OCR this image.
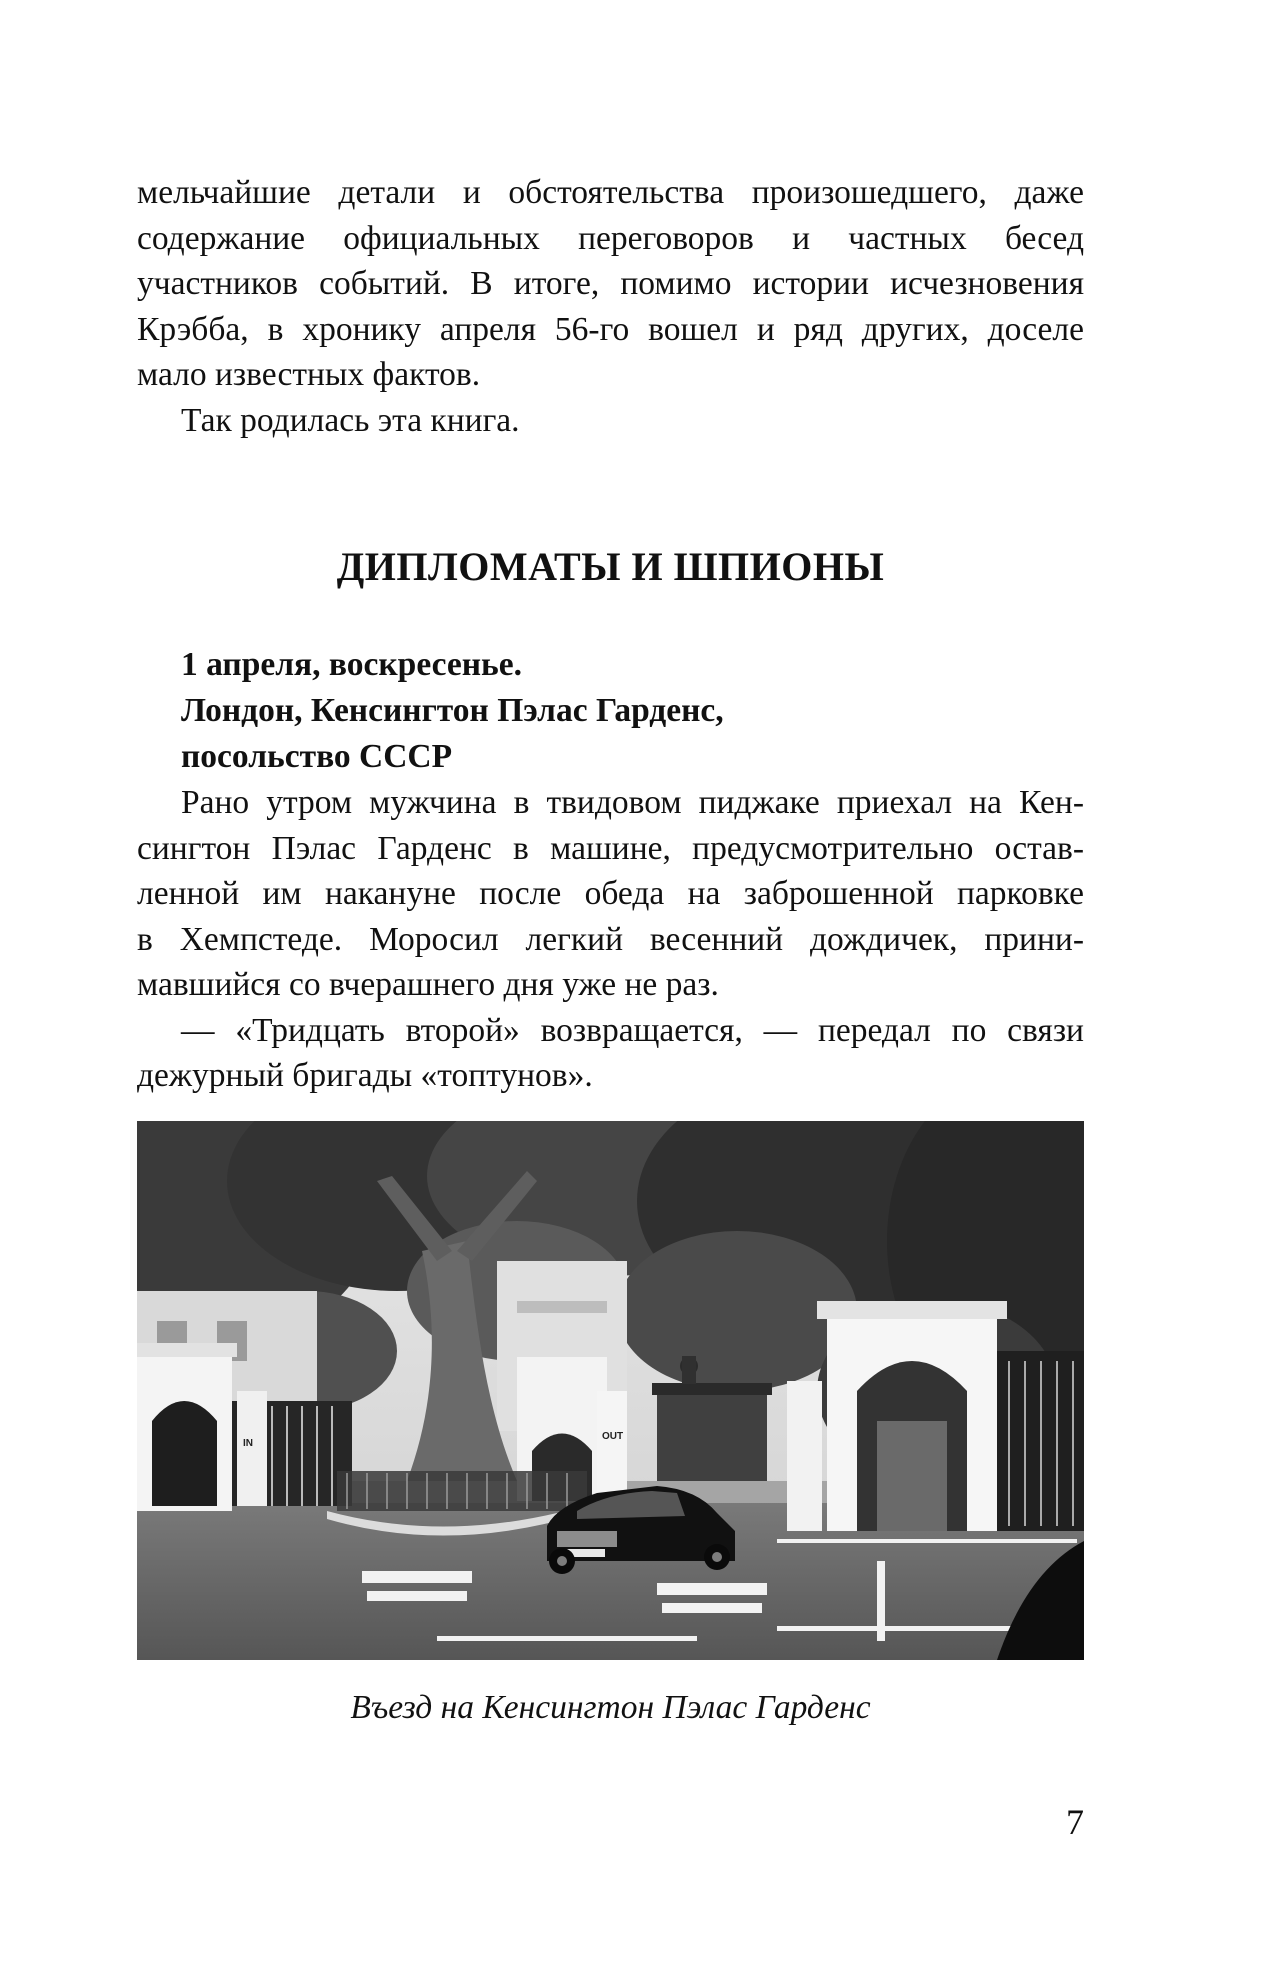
мельчайшие детали и обстоятельства произошедшего, даже

содержание официальных переговоров и частных бесед

участников событий. В итоге, помимо истории исчезновения

Крэбба, в хронику апреля 56-го вошел и ряд других, доселе

мало известных фактов.

Так родилась эта книга.

ДИПЛОМАТЫ И ШПИОНЫ
1 апреля, воскресенье.
Лондон, Кенсингтон Пэлас Гарденс,
посольство СССР

Рано утром мужчина в твидовом пиджаке приехал на Кен-

сингтон Пэлас Гарденс в машине, предусмотрительно остав-

ленной им накануне после обеда на заброшенной парковке

в Хемпстеде. Моросил легкий весенний дождичек, прини-

мавшийся со вчерашнего дня уже не раз.

— «Тридцать второй» возвращается, — передал по связи

дежурный бригады «топтунов».

IN
OUT
Въезд на Кенсингтон Пэлас Гарденс
7
